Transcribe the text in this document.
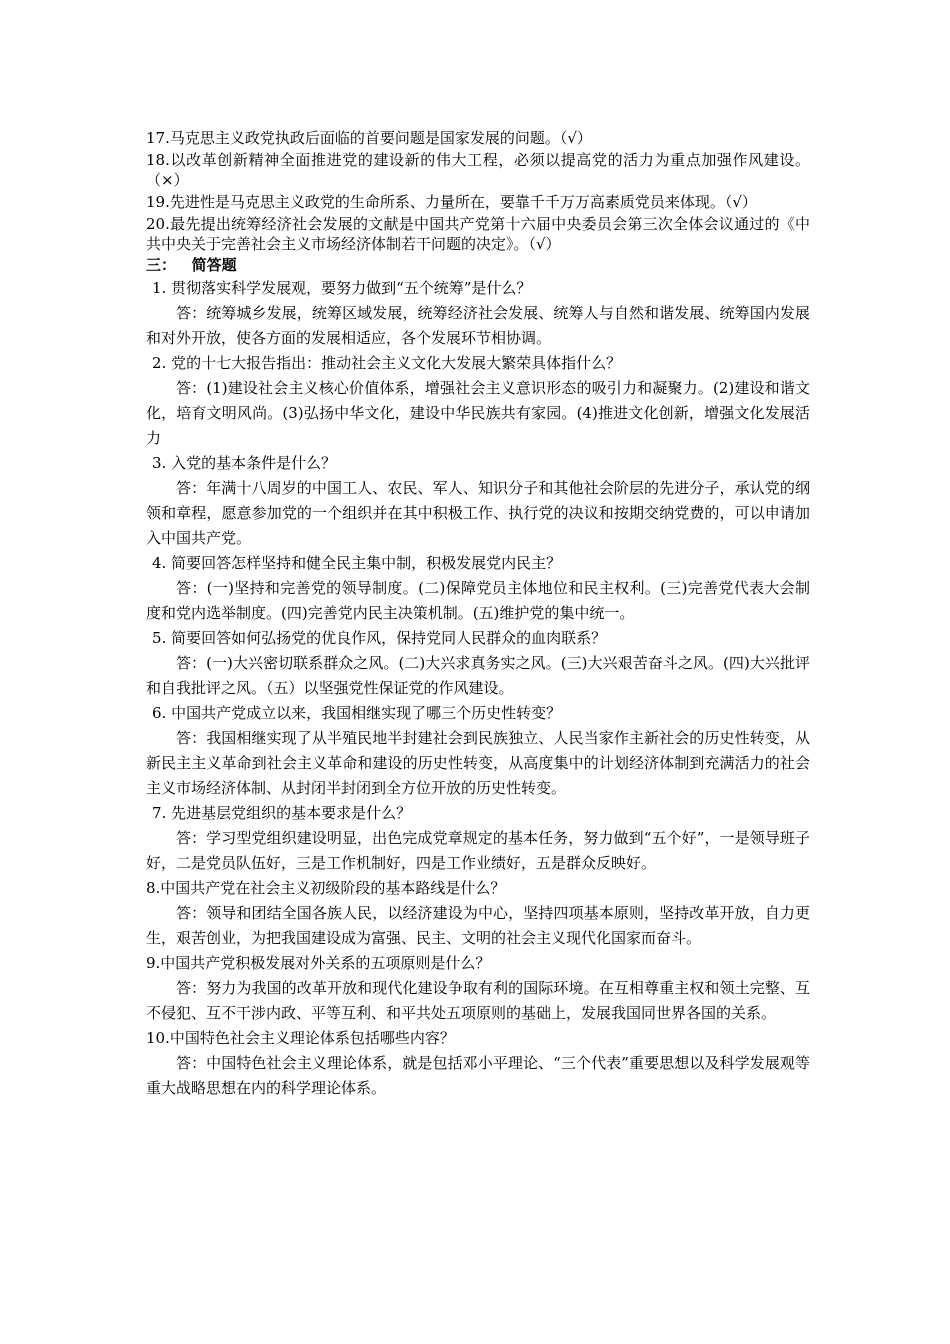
17.马克思主义政党执政后面临的首要问题是国家发展的问题。（√）

18.以改革创新精神全面推进党的建设新的伟大工程，必须以提高党的活力为重点加强作风建设。（×）

19.先进性是马克思主义政党的生命所系、力量所在，要靠千千万万高素质党员来体现。（√）

20.最先提出统筹经济社会发展的文献是中国共产党第十六届中央委员会第三次全体会议通过的《中共中央关于完善社会主义市场经济体制若干问题的决定》。（√）

三：   简答题

1. 贯彻落实科学发展观，要努力做到“五个统筹”是什么？

答：统筹城乡发展，统筹区域发展，统筹经济社会发展、统筹人与自然和谐发展、统筹国内发展和对外开放，使各方面的发展相适应，各个发展环节相协调。

2. 党的十七大报告指出：推动社会主义文化大发展大繁荣具体指什么？

答：(1)建设社会主义核心价值体系，增强社会主义意识形态的吸引力和凝聚力。(2)建设和谐文化，培育文明风尚。(3)弘扬中华文化，建设中华民族共有家园。(4)推进文化创新，增强文化发展活力

3. 入党的基本条件是什么？

答：年满十八周岁的中国工人、农民、军人、知识分子和其他社会阶层的先进分子，承认党的纲领和章程，愿意参加党的一个组织并在其中积极工作、执行党的决议和按期交纳党费的，可以申请加入中国共产党。

4. 简要回答怎样坚持和健全民主集中制，积极发展党内民主？

答：(一)坚持和完善党的领导制度。(二)保障党员主体地位和民主权利。(三)完善党代表大会制度和党内选举制度。(四)完善党内民主决策机制。(五)维护党的集中统一。

5. 简要回答如何弘扬党的优良作风，保持党同人民群众的血肉联系？

答：(一)大兴密切联系群众之风。(二)大兴求真务实之风。(三)大兴艰苦奋斗之风。(四)大兴批评和自我批评之风。（五）以坚强党性保证党的作风建设。

6. 中国共产党成立以来，我国相继实现了哪三个历史性转变？

答：我国相继实现了从半殖民地半封建社会到民族独立、人民当家作主新社会的历史性转变，从新民主主义革命到社会主义革命和建设的历史性转变，从高度集中的计划经济体制到充满活力的社会主义市场经济体制、从封闭半封闭到全方位开放的历史性转变。

7. 先进基层党组织的基本要求是什么？

答：学习型党组织建设明显，出色完成党章规定的基本任务，努力做到“五个好”，一是领导班子好，二是党员队伍好，三是工作机制好，四是工作业绩好，五是群众反映好。

8.中国共产党在社会主义初级阶段的基本路线是什么？

答：领导和团结全国各族人民，以经济建设为中心，坚持四项基本原则，坚持改革开放，自力更生，艰苦创业，为把我国建设成为富强、民主、文明的社会主义现代化国家而奋斗。

9.中国共产党积极发展对外关系的五项原则是什么？

答：努力为我国的改革开放和现代化建设争取有利的国际环境。在互相尊重主权和领土完整、互不侵犯、互不干涉内政、平等互利、和平共处五项原则的基础上，发展我国同世界各国的关系。

10.中国特色社会主义理论体系包括哪些内容？

答：中国特色社会主义理论体系，就是包括邓小平理论、“三个代表”重要思想以及科学发展观等重大战略思想在内的科学理论体系。
